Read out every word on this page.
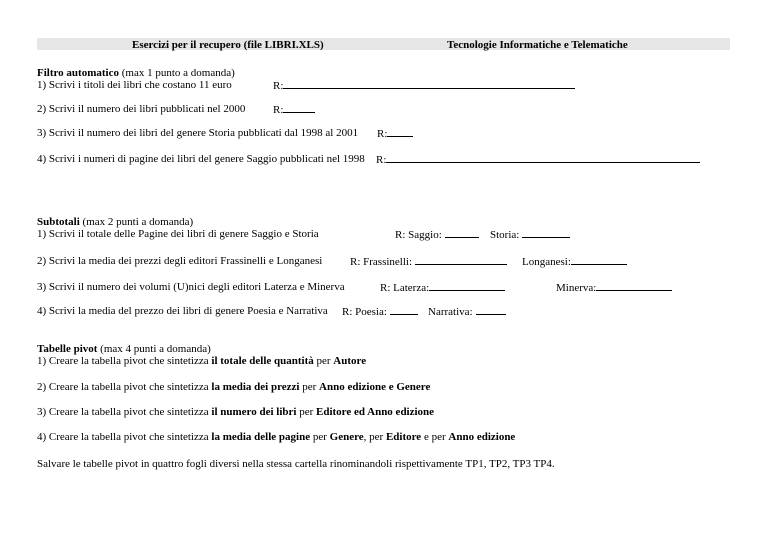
Esercizi per il recupero (file LIBRI.XLS)	Tecnologie Informatiche e Telematiche
Filtro automatico (max 1 punto a domanda)
1) Scrivi i titoli dei libri che costano 11 euro	R:
2) Scrivi il numero dei libri pubblicati nel 2000	R:
3) Scrivi il numero dei libri del genere Storia pubblicati dal 1998 al 2001 R:
4) Scrivi i numeri di pagine dei libri del genere Saggio pubblicati nel 1998 R:
Subtotali (max 2 punti a domanda)
1) Scrivi il totale delle Pagine dei libri di genere Saggio e Storia	R: Saggio:	Storia:
2) Scrivi la media dei prezzi degli editori Frassinelli e Longanesi	R: Frassinelli:	Longanesi:
3) Scrivi il numero dei volumi (U)nici degli editori Laterza e Minerva	R: Laterza:	Minerva:
4) Scrivi la media del prezzo dei libri di genere Poesia e Narrativa R: Poesia:	Narrativa:
Tabelle pivot (max 4 punti a domanda)
1) Creare la tabella pivot che sintetizza il totale delle quantità per Autore
2) Creare la tabella pivot che sintetizza la media dei prezzi per Anno edizione e Genere
3) Creare la tabella pivot che sintetizza il numero dei libri per Editore ed Anno edizione
4) Creare la tabella pivot che sintetizza la media delle pagine per Genere, per Editore e per Anno edizione
Salvare le tabelle pivot in quattro fogli diversi nella stessa cartella rinominandoli rispettivamente TP1, TP2, TP3 TP4.
